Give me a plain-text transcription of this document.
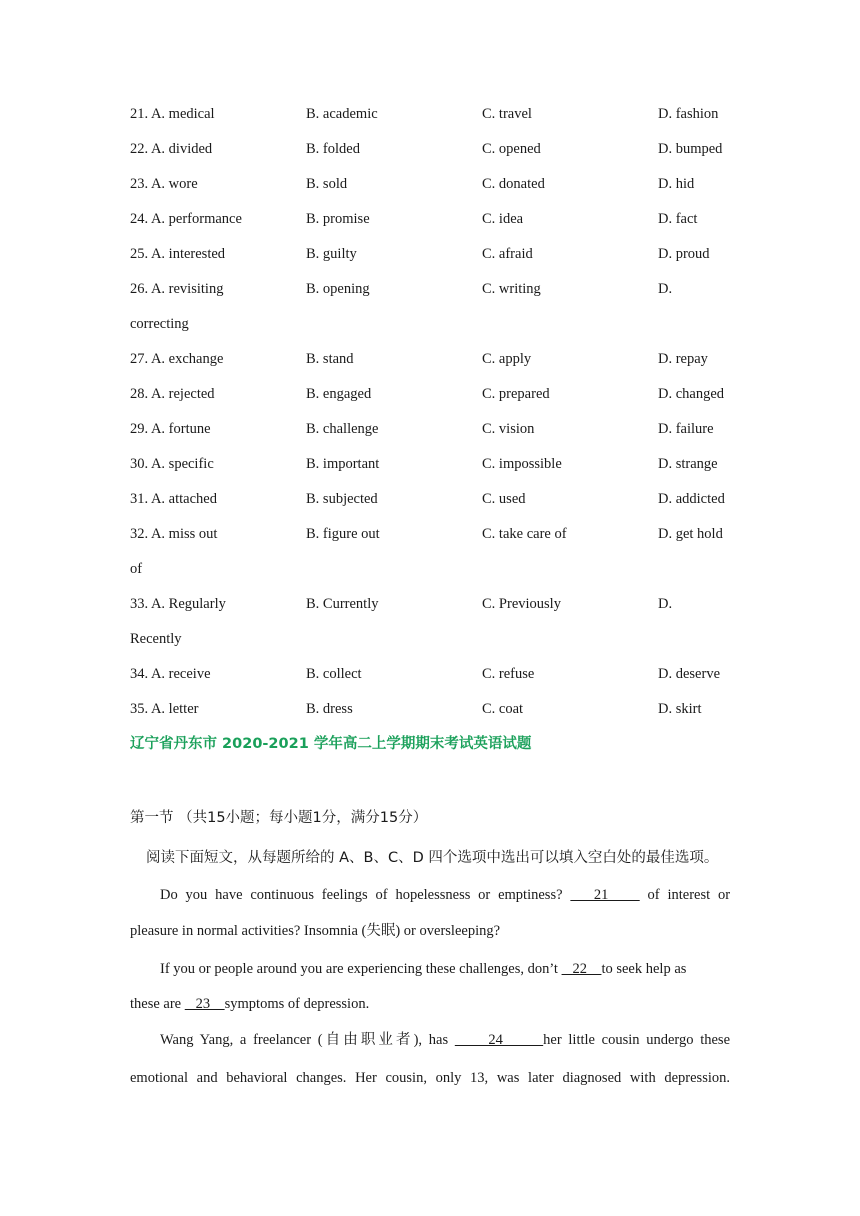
21. A. medical	B. academic	C. travel	D. fashion
22. A. divided	B. folded	C. opened	D. bumped
23. A. wore	B. sold	C. donated	D. hid
24. A. performance	B. promise	C. idea	D. fact
25. A. interested	B. guilty	C. afraid	D. proud
26. A. revisiting	B. opening	C. writing	D.
correcting
27. A. exchange	B. stand	C. apply	D. repay
28. A. rejected	B. engaged	C. prepared	D. changed
29. A. fortune	B. challenge	C. vision	D. failure
30. A. specific	B. important	C. impossible	D. strange
31. A. attached	B. subjected	C. used	D. addicted
32. A. miss out	B. figure out	C. take care of	D. get hold
of
33. A. Regularly	B. Currently	C. Previously	D.
Recently
34. A. receive	B. collect	C. refuse	D. deserve
35. A. letter	B. dress	C. coat	D. skirt
辽宁省丹东市 2020-2021 学年高二上学期期末考试英语试题
第一节 （共15小题；每小题1分，满分15分）
阅读下面短文，从每题所给的 A、B、C、D 四个选项中选出可以填入空白处的最佳选项。
Do you have continuous feelings of hopelessness or emptiness?    21     of interest or
pleasure in normal activities? Insomnia (失眠) or oversleeping?
If you or people around you are experiencing these challenges, don’t    22    to seek help as
these are    23    symptoms of depression.
Wang Yang, a freelancer (自由职业者), has      24      her little cousin undergo these
emotional and behavioral changes. Her cousin, only 13, was later diagnosed with depression.
